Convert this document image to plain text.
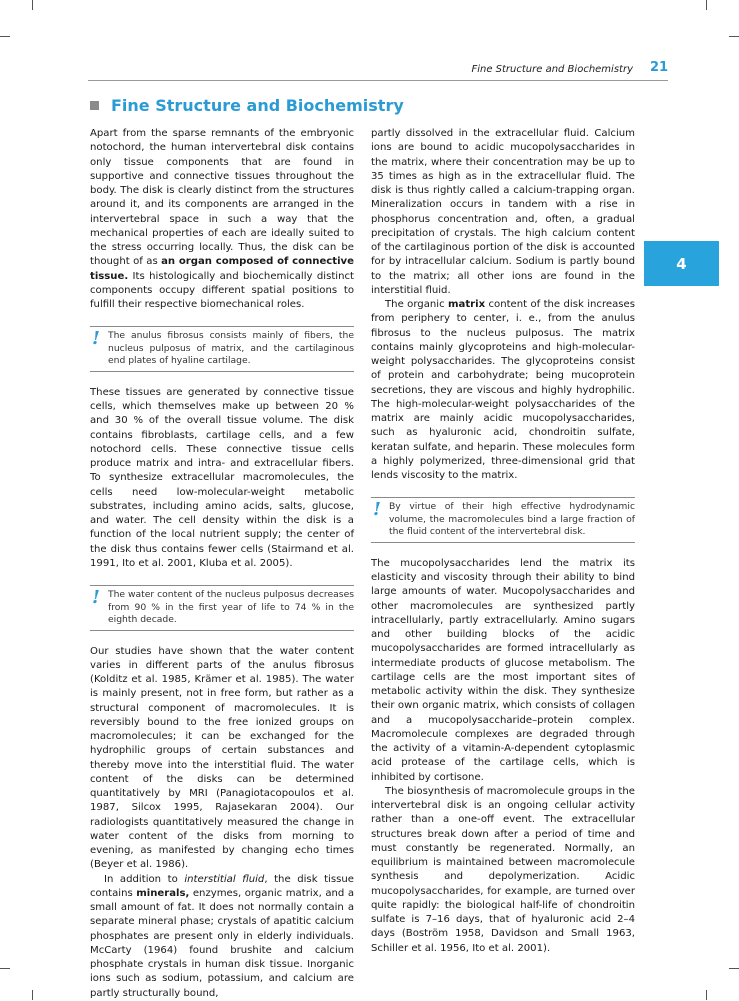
Fine Structure and Biochemistry 21
4
Fine Structure and Biochemistry

Apart from the sparse remnants of the embryonic notochord, the human intervertebral disk contains only tissue components that are found in supportive and connective tissues throughout the body. The disk is clearly distinct from the structures around it, and its components are arranged in the intervertebral space in such a way that the mechanical properties of each are ideally suited to the stress occurring locally. Thus, the disk can be thought of as an organ composed of connective tissue. Its histologically and biochemically distinct components occupy different spatial positions to fulfill their respective biomechanical roles.

! The anulus fibrosus consists mainly of fibers, the nucleus pulposus of matrix, and the cartilaginous end plates of hyaline cartilage.

These tissues are generated by connective tissue cells, which themselves make up between 20 % and 30 % of the overall tissue volume. The disk contains fibroblasts, cartilage cells, and a few notochord cells. These connective tissue cells produce matrix and intra- and extracellular fibers. To synthesize extracellular macromolecules, the cells need low-molecular-weight metabolic substrates, including amino acids, salts, glucose, and water. The cell density within the disk is a function of the local nutrient supply; the center of the disk thus contains fewer cells (Stairmand et al. 1991, Ito et al. 2001, Kluba et al. 2005).

! The water content of the nucleus pulposus decreases from 90 % in the first year of life to 74 % in the eighth decade.

Our studies have shown that the water content varies in different parts of the anulus fibrosus (Kolditz et al. 1985, Krämer et al. 1985). The water is mainly present, not in free form, but rather as a structural component of macromolecules. It is reversibly bound to the free ionized groups on macromolecules; it can be exchanged for the hydrophilic groups of certain substances and thereby move into the interstitial fluid. The water content of the disks can be determined quantitatively by MRI (Panagiotacopoulos et al. 1987, Silcox 1995, Rajasekaran 2004). Our radiologists quantitatively measured the change in water content of the disks from morning to evening, as manifested by changing echo times (Beyer et al. 1986).

In addition to interstitial fluid, the disk tissue contains minerals, enzymes, organic matrix, and a small amount of fat. It does not normally contain a separate mineral phase; crystals of apatitic calcium phosphates are present only in elderly individuals. McCarty (1964) found brushite and calcium phosphate crystals in human disk tissue. Inorganic ions such as sodium, potassium, and calcium are partly structurally bound,

partly dissolved in the extracellular fluid. Calcium ions are bound to acidic mucopolysaccharides in the matrix, where their concentration may be up to 35 times as high as in the extracellular fluid. The disk is thus rightly called a calcium-trapping organ. Mineralization occurs in tandem with a rise in phosphorus concentration and, often, a gradual precipitation of crystals. The high calcium content of the cartilaginous portion of the disk is accounted for by intracellular calcium. Sodium is partly bound to the matrix; all other ions are found in the interstitial fluid.

The organic matrix content of the disk increases from periphery to center, i. e., from the anulus fibrosus to the nucleus pulposus. The matrix contains mainly glycoproteins and high-molecular-weight polysaccharides. The glycoproteins consist of protein and carbohydrate; being mucoprotein secretions, they are viscous and highly hydrophilic. The high-molecular-weight polysaccharides of the matrix are mainly acidic mucopolysaccharides, such as hyaluronic acid, chondroitin sulfate, keratan sulfate, and heparin. These molecules form a highly polymerized, three-dimensional grid that lends viscosity to the matrix.

! By virtue of their high effective hydrodynamic volume, the macromolecules bind a large fraction of the fluid content of the intervertebral disk.

The mucopolysaccharides lend the matrix its elasticity and viscosity through their ability to bind large amounts of water. Mucopolysaccharides and other macromolecules are synthesized partly intracellularly, partly extracellularly. Amino sugars and other building blocks of the acidic mucopolysaccharides are formed intracellularly as intermediate products of glucose metabolism. The cartilage cells are the most important sites of metabolic activity within the disk. They synthesize their own organic matrix, which consists of collagen and a mucopolysaccharide–protein complex. Macromolecule complexes are degraded through the activity of a vitamin-A-dependent cytoplasmic acid protease of the cartilage cells, which is inhibited by cortisone.

The biosynthesis of macromolecule groups in the intervertebral disk is an ongoing cellular activity rather than a one-off event. The extracellular structures break down after a period of time and must constantly be regenerated. Normally, an equilibrium is maintained between macromolecule synthesis and depolymerization. Acidic mucopolysaccharides, for example, are turned over quite rapidly: the biological half-life of chondroitin sulfate is 7–16 days, that of hyaluronic acid 2–4 days (Boström 1958, Davidson and Small 1963, Schiller et al. 1956, Ito et al. 2001).
